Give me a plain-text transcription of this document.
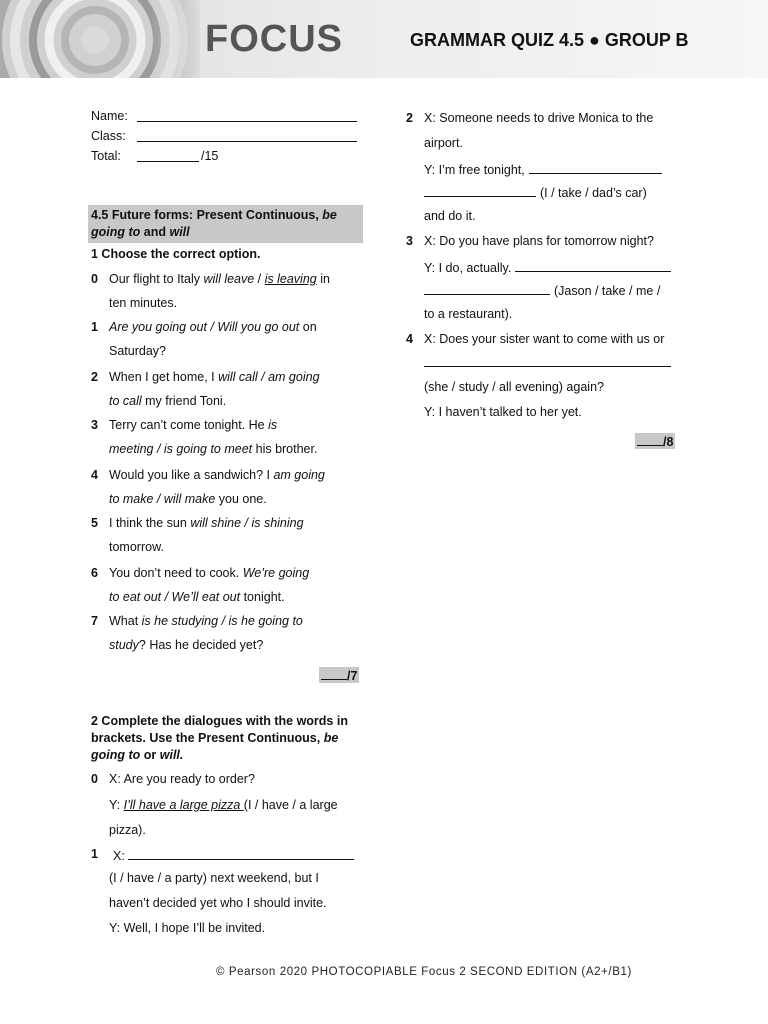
FOCUS	GRAMMAR QUIZ 4.5 ● GROUP B
Name:
Class:
Total:	/15
4.5 Future forms: Present Continuous, be
going to and will
1 Choose the correct option.
0 Our flight to Italy will leave / is leaving in
ten minutes.
1 Are you going out / Will you go out on
Saturday?
2 When I get home, I will call / am going
to call my friend Toni.
3 Terry can’t come tonight. He is
meeting / is going to meet his brother.
4 Would you like a sandwich? I am going
to make / will make you one.
5 I think the sun will shine / is shining
tomorrow.
6 You don’t need to cook. We’re going
to eat out / We’ll eat out tonight.
7 What is he studying / is he going to
study? Has he decided yet?
/7
2 Complete the dialogues with the words in
brackets. Use the Present Continuous, be
going to or will.
0 X: Are you ready to order?
Y: I’ll have a large pizza (I / have / a large
pizza).
1 X:
(I / have / a party) next weekend, but I
haven’t decided yet who I should invite.
Y: Well, I hope I’ll be invited.
2 X: Someone needs to drive Monica to the
airport.
Y: I’m free tonight,
(I / take / dad’s car)
and do it.
3 X: Do you have plans for tomorrow night?
Y: I do, actually.
(Jason / take / me /
to a restaurant).
4 X: Does your sister want to come with us or
(she / study / all evening) again?
Y: I haven’t talked to her yet.
/8
© Pearson 2020 PHOTOCOPIABLE Focus 2 SECOND EDITION (A2+/B1)
